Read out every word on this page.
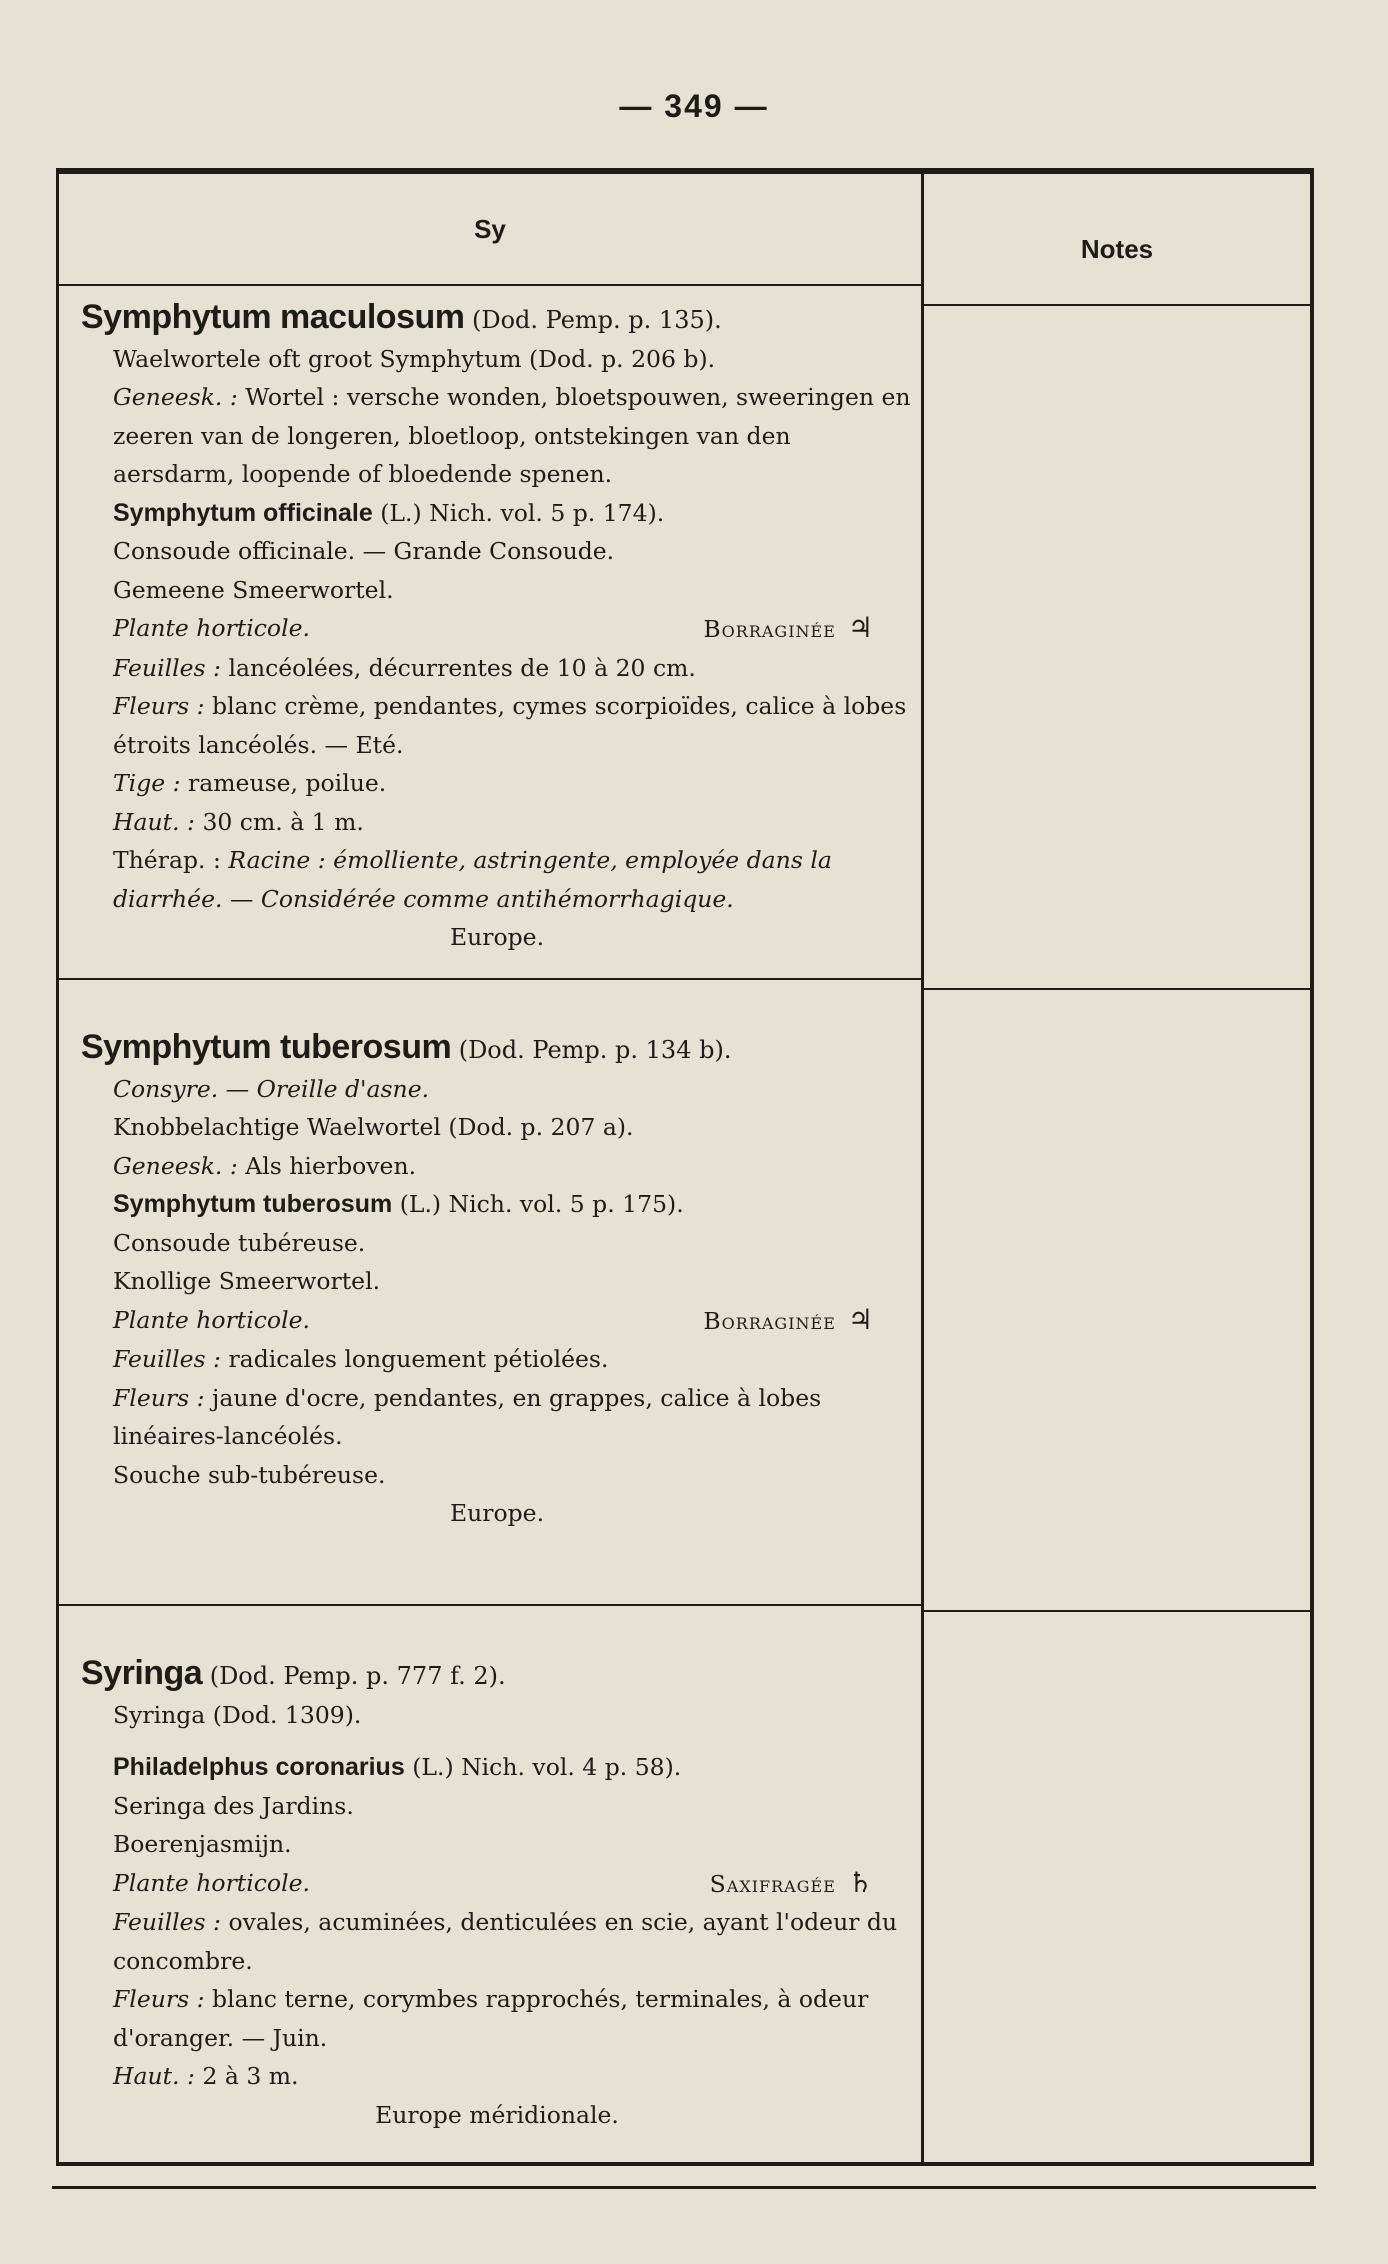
— 349 —
Sy
Notes

Symphytum maculosum (Dod. Pemp. p. 135).

Waelwortele oft groot Symphytum (Dod. p. 206 b).

Geneesk. : Wortel : versche wonden, bloetspouwen, sweeringen en zeeren van de longeren, bloetloop, ontstekingen van den aersdarm, loopende of bloedende spenen.

Symphytum officinale (L.) Nich. vol. 5 p. 174).

Consoude officinale. — Grande Consoude.

Gemeene Smeerwortel.

Plante horticole.	Borraginée ♃

Feuilles : lancéolées, décurrentes de 10 à 20 cm.

Fleurs : blanc crème, pendantes, cymes scorpioïdes, calice à lobes étroits lancéolés. — Eté.

Tige : rameuse, poilue.

Haut. : 30 cm. à 1 m.

Thérap. : Racine : émolliente, astringente, employée dans la diarrhée. — Considérée comme antihémorrhagique.

Europe.

Symphytum tuberosum (Dod. Pemp. p. 134 b).

Consyre. — Oreille d'asne.

Knobbelachtige Waelwortel (Dod. p. 207 a).

Geneesk. : Als hierboven.

Symphytum tuberosum (L.) Nich. vol. 5 p. 175).

Consoude tubéreuse.

Knollige Smeerwortel.

Plante horticole.	Borraginée ♃

Feuilles : radicales longuement pétiolées.

Fleurs : jaune d'ocre, pendantes, en grappes, calice à lobes linéaires-lancéolés.

Souche sub-tubéreuse.

Europe.

Syringa (Dod. Pemp. p. 777 f. 2).

Syringa (Dod. 1309).

Philadelphus coronarius (L.) Nich. vol. 4 p. 58).

Seringa des Jardins.

Boerenjasmijn.

Plante horticole.	Saxifragée ♄

Feuilles : ovales, acuminées, denticulées en scie, ayant l'odeur du concombre.

Fleurs : blanc terne, corymbes rapprochés, terminales, à odeur d'oranger. — Juin.

Haut. : 2 à 3 m.

Europe méridionale.
